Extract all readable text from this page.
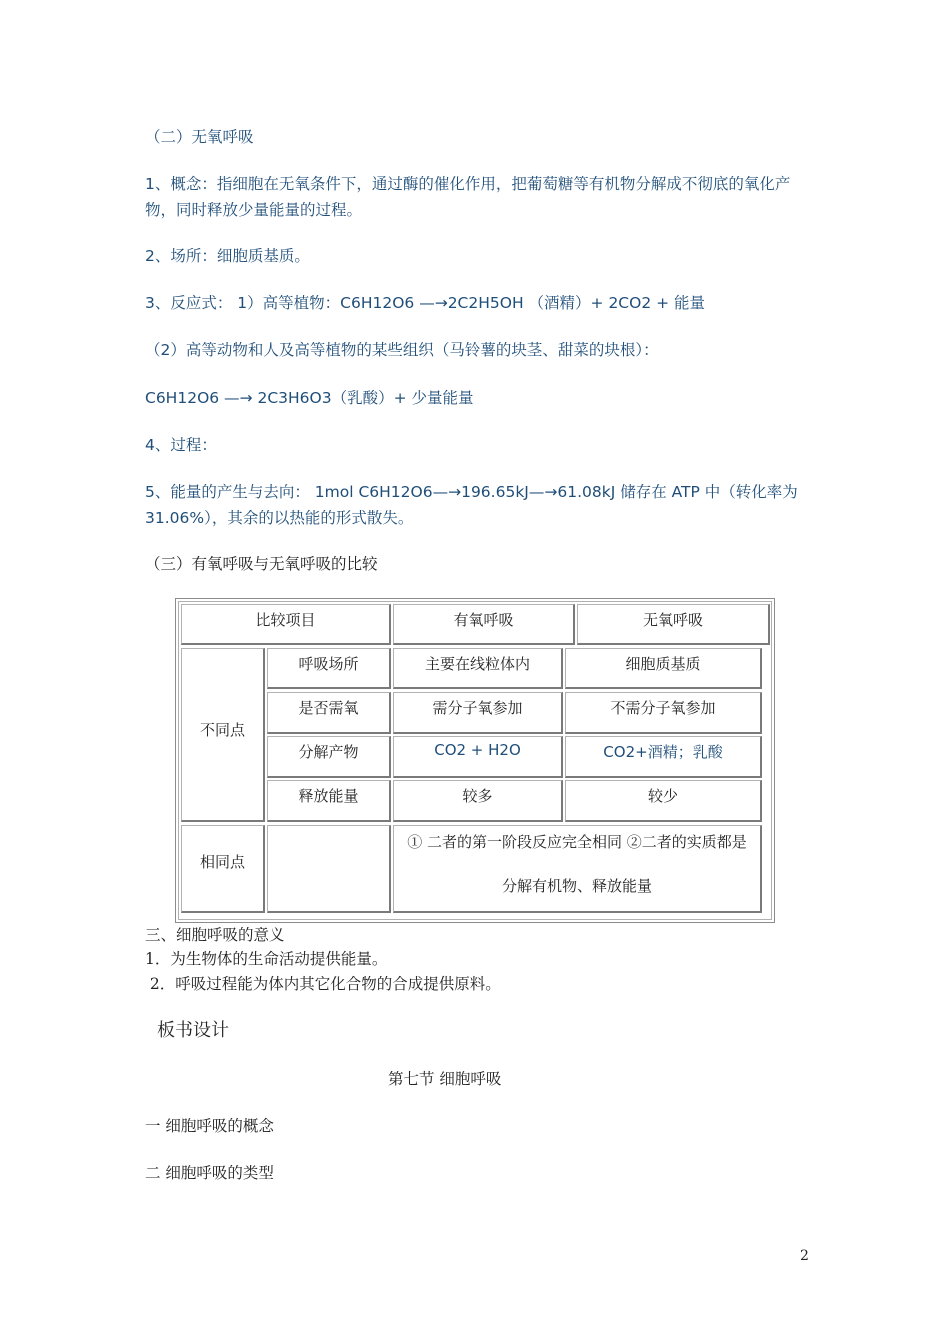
（二）无氧呼吸
1、概念：指细胞在无氧条件下，通过酶的催化作用，把葡萄糖等有机物分解成不彻底的氧化产物，同时释放少量能量的过程。
2、场所：细胞质基质。
3、反应式： 1）高等植物：C6H12O6 —→2C2H5OH （酒精）+ 2CO2 + 能量
（2）高等动物和人及高等植物的某些组织（马铃薯的块茎、甜菜的块根）：
C6H12O6 —→ 2C3H6O3（乳酸）+ 少量能量
4、过程：
5、能量的产生与去向： 1mol C6H12O6—→196.65kJ—→61.08kJ 储存在 ATP 中（转化率为 31.06%），其余的以热能的形式散失。
（三）有氧呼吸与无氧呼吸的比较
比较项目	有氧呼吸	无氧呼吸
不同点
呼吸场所	主要在线粒体内	细胞质基质
是否需氧	需分子氧参加	不需分子氧参加
分解产物	CO2 + H2O	CO2+酒精；乳酸
释放能量	较多	较少
相同点
① 二者的第一阶段反应完全相同 ②二者的实质都是
分解有机物、释放能量
三、细胞呼吸的意义
1．为生物体的生命活动提供能量。
2．呼吸过程能为体内其它化合物的合成提供原料。
板书设计
第七节 细胞呼吸
一 细胞呼吸的概念
二 细胞呼吸的类型
2
